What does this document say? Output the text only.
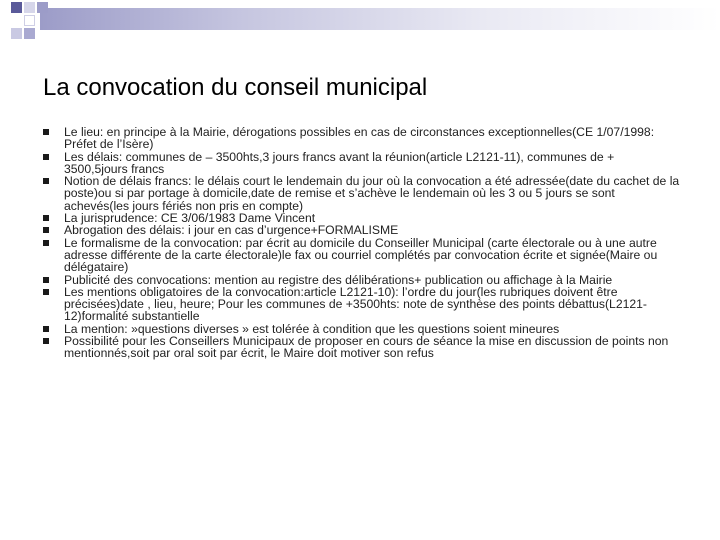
La convocation du conseil municipal
Le lieu: en principe à la Mairie, dérogations possibles en cas de circonstances exceptionnelles(CE 1/07/1998: Préfet de l’Isère)
Les délais: communes de – 3500hts,3 jours francs avant la réunion(article L2121-11), communes de + 3500,5jours francs
Notion de délais francs: le délais court le lendemain du jour où la convocation a été adressée(date du cachet de la poste)ou si par portage à domicile,date de remise et s’achève le lendemain où les 3 ou 5 jours se sont achevés(les jours fériés non pris en compte)
La jurisprudence: CE 3/06/1983 Dame Vincent
Abrogation des délais: i jour en cas d’urgence+FORMALISME
Le formalisme de la convocation: par écrit au domicile du Conseiller Municipal (carte électorale ou à une autre adresse différente de la carte électorale)le fax ou courriel complétés par convocation écrite et signée(Maire ou délégataire)
Publicité des convocations: mention au registre des délibérations+ publication ou affichage à la Mairie
Les mentions obligatoires de la convocation:article L2121-10): l’ordre du jour(les rubriques doivent être précisées)date , lieu, heure; Pour les communes de +3500hts: note de synthèse des points débattus(L2121-12)formalité substantielle
La mention: »questions diverses » est tolérée à condition que les questions soient mineures
Possibilité pour les Conseillers Municipaux de proposer en cours de séance la mise en discussion de points non mentionnés,soit par oral soit par écrit, le Maire doit motiver son refus
